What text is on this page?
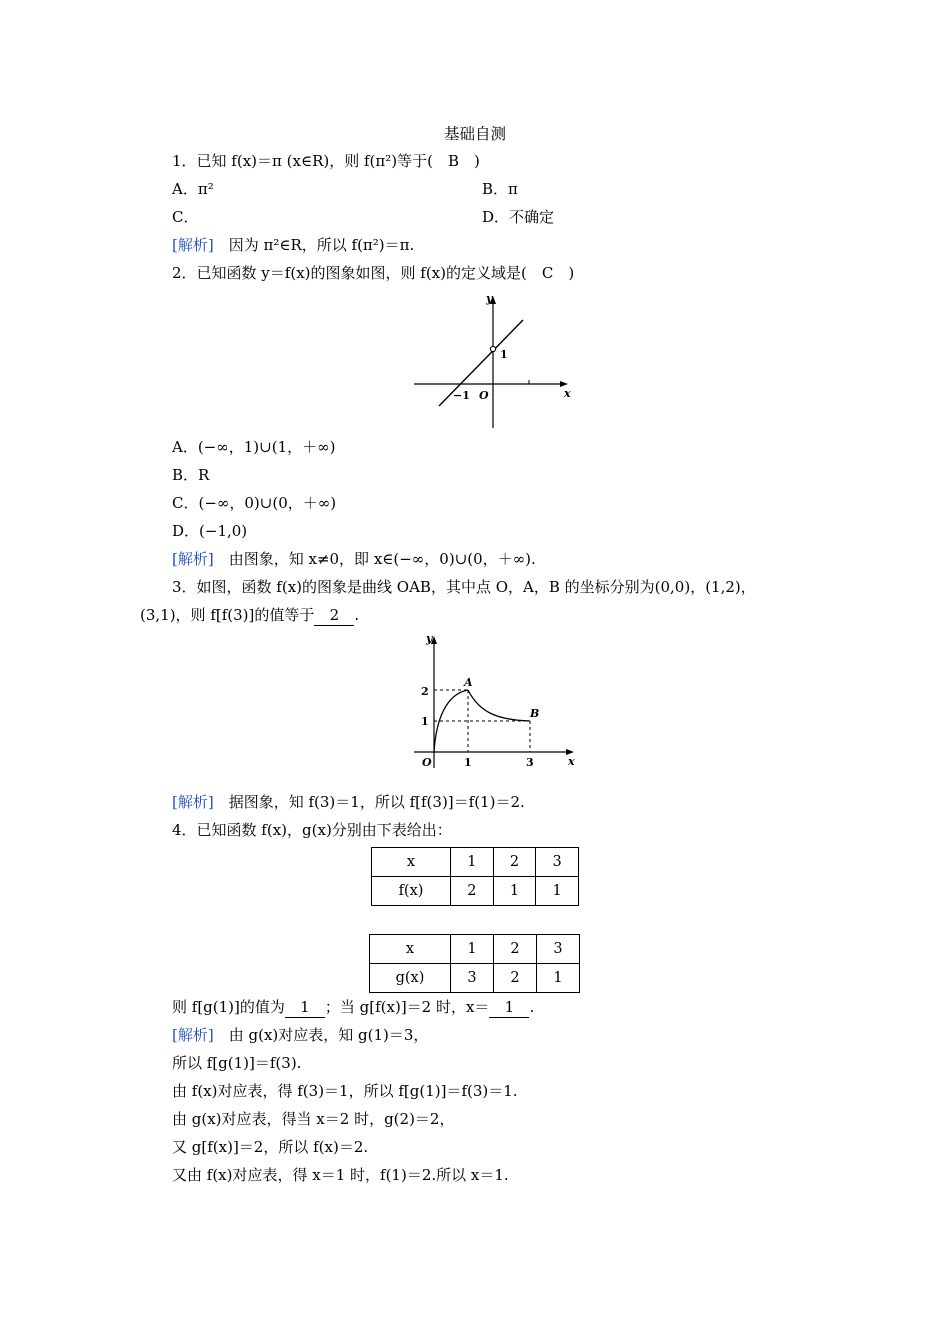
基础自测
1．已知 f(x)＝π (x∈R)，则 f(π²)等于(　B　)
A．π²	B．π
C．	D．不确定
[解析]　因为 π²∈R，所以 f(π²)＝π.
2．已知函数 y＝f(x)的图象如图，则 f(x)的定义域是(　C　)
y
x
O
−1
1
A．(−∞，1)∪(1，＋∞)
B．R
C．(−∞，0)∪(0，＋∞)
D．(−1,0)
[解析]　由图象，知 x≠0，即 x∈(−∞，0)∪(0，＋∞).
3．如图，函数 f(x)的图象是曲线 OAB，其中点 O，A，B 的坐标分别为(0,0)，(1,2)，
(3,1)，则 f[f(3)]的值等于 2 .
y
x
O
A
B
2
1
1	3
[解析]　据图象，知 f(3)＝1，所以 f[f(3)]＝f(1)＝2.
4．已知函数 f(x)，g(x)分别由下表给出：
x	1	2	3
f(x)	2	1	1
x	1	2	3
g(x)	3	2	1
则 f[g(1)]的值为 1 ；当 g[f(x)]＝2 时，x＝ 1 .
[解析]　由 g(x)对应表，知 g(1)＝3，
所以 f[g(1)]＝f(3).
由 f(x)对应表，得 f(3)＝1，所以 f[g(1)]＝f(3)＝1.
由 g(x)对应表，得当 x＝2 时，g(2)＝2，
又 g[f(x)]＝2，所以 f(x)＝2.
又由 f(x)对应表，得 x＝1 时，f(1)＝2.所以 x＝1.
